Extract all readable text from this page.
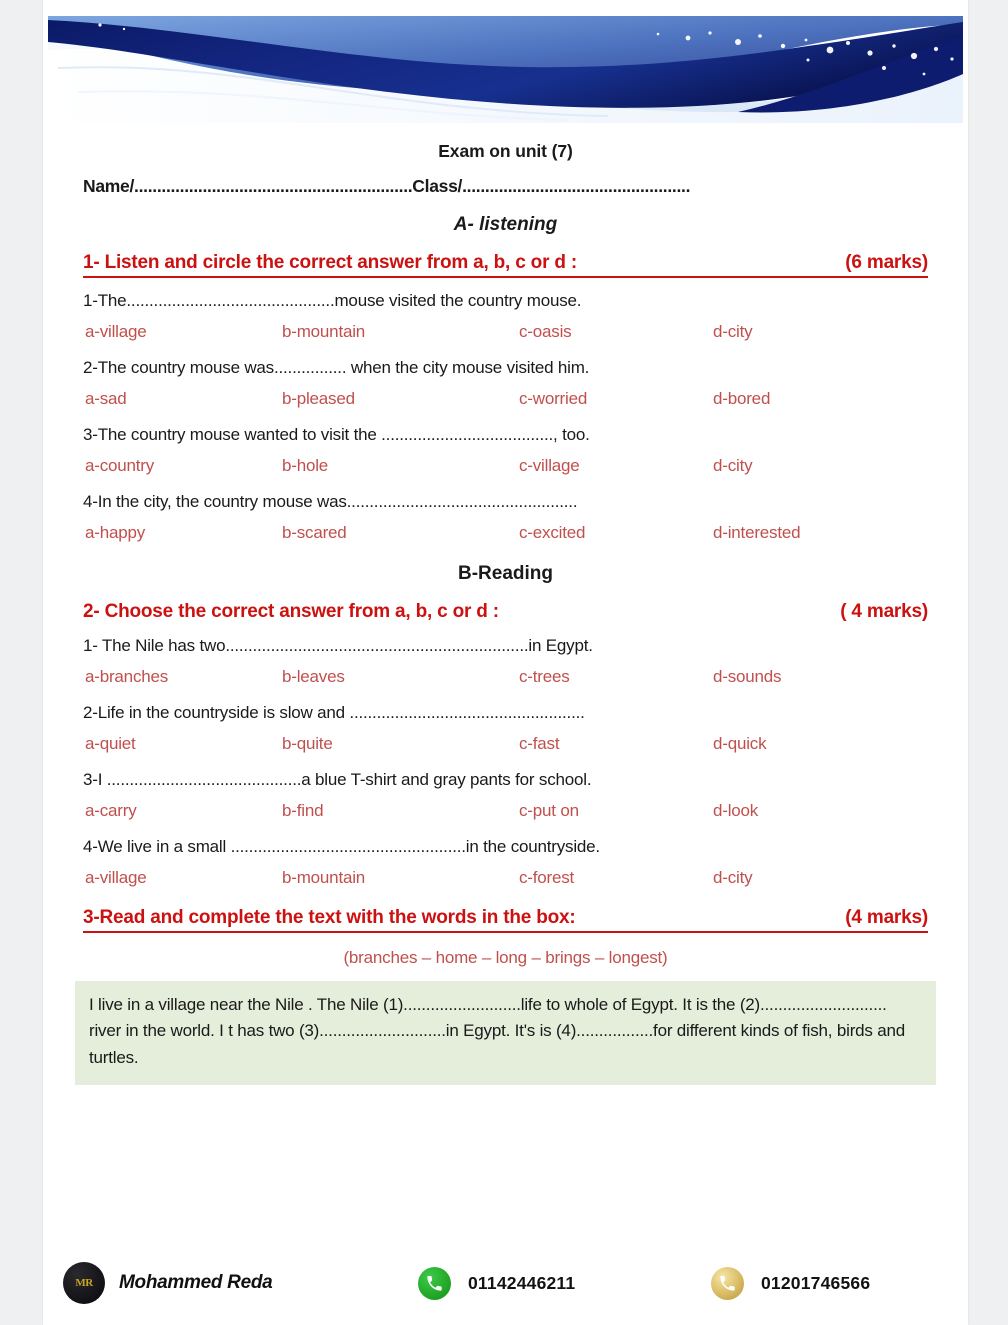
Exam on unit (7)
Name/.............................................................Class/..................................................
A- listening
1- Listen and circle the correct answer from a, b, c or d :	(6 marks)
1-The..............................................mouse visited the country mouse.
a-village	b-mountain	c-oasis	d-city
2-The country mouse was................ when the city mouse visited him.
a-sad	b-pleased	c-worried	d-bored
3-The country mouse wanted to visit the ......................................, too.
a-country	b-hole	c-village	d-city
4-In the city, the country mouse was...................................................
a-happy	b-scared	c-excited	d-interested
B-Reading
2- Choose the correct answer from a, b, c or d :	( 4 marks)
1- The Nile has two...................................................................in Egypt.
a-branches	b-leaves	c-trees	d-sounds
2-Life in the countryside is slow and ....................................................
a-quiet	b-quite	c-fast	d-quick
3-I ...........................................a blue T-shirt and gray pants for school.
a-carry	b-find	c-put on	d-look
4-We live in a small ....................................................in the countryside.
a-village	b-mountain	c-forest	d-city
3-Read and complete the text with the words in the box:	(4 marks)
(branches – home – long – brings – longest)
I live in a village near the Nile . The Nile (1)..........................life to whole of Egypt. It is the (2)............................ river in the world. I t has two (3)............................in Egypt. It's is (4).................for different kinds of fish, birds and turtles.
MR Mohammed Reda	01142446211	01201746566
